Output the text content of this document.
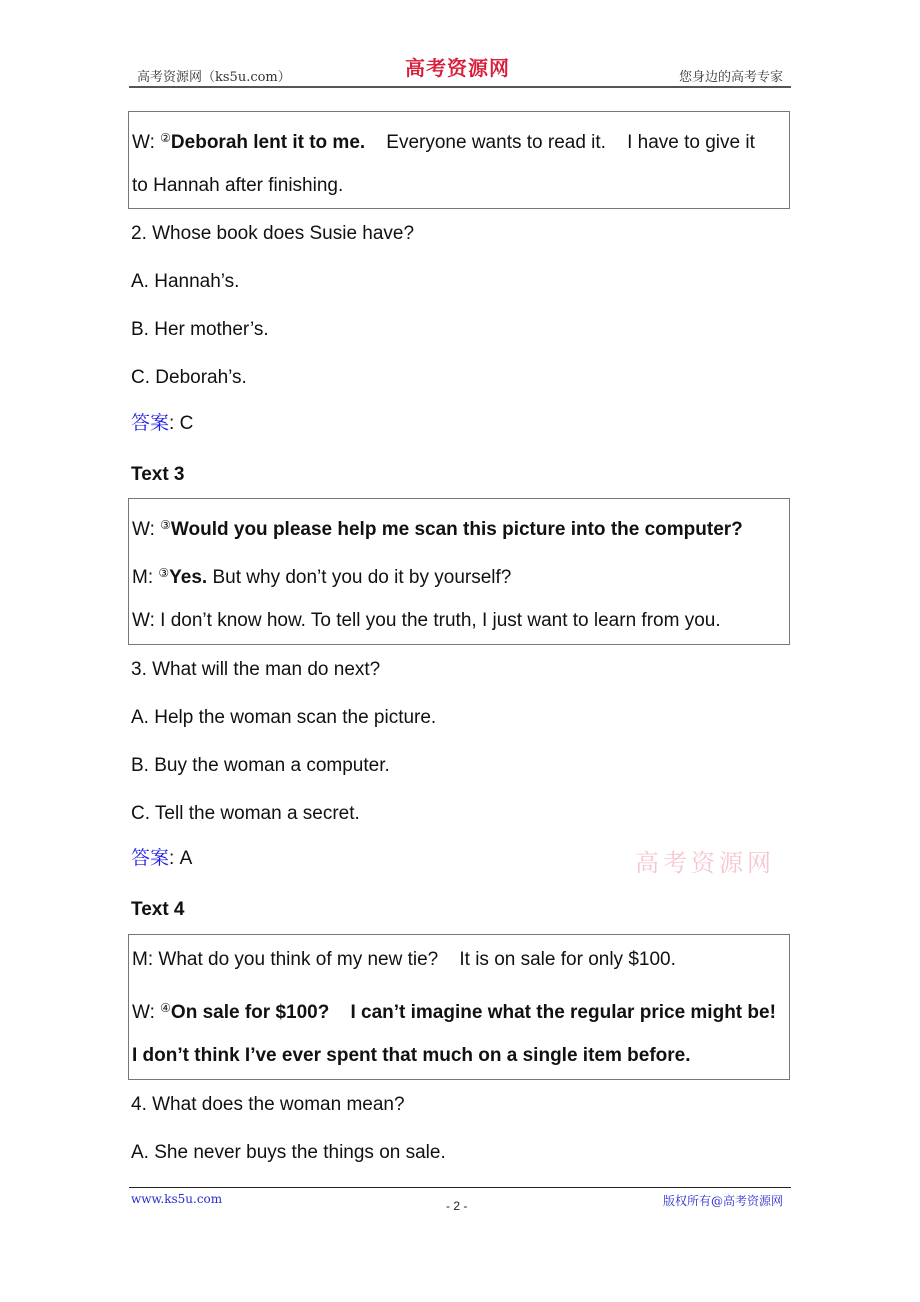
高考资源网（ks5u.com）	高考资源网	您身边的高考专家
W: ②Deborah lent it to me.    Everyone wants to read it.    I have to give it
to Hannah after finishing.
2. Whose book does Susie have?
A. Hannah’s.
B. Her mother’s.
C. Deborah’s.
答案: C
Text 3
W: ③Would you please help me scan this picture into the computer?
M: ③Yes. But why don’t you do it by yourself?
W: I don’t know how. To tell you the truth, I just want to learn from you.
3. What will the man do next?
A. Help the woman scan the picture.
B. Buy the woman a computer.
C. Tell the woman a secret.
答案: A	高考资源网
Text 4
M: What do you think of my new tie?    It is on sale for only $100.
W: ④On sale for $100?    I can’t imagine what the regular price might be!
I don’t think I’ve ever spent that much on a single item before.
4. What does the woman mean?
A. She never buys the things on sale.
www.ks5u.com	- 2 -	版权所有@高考资源网
